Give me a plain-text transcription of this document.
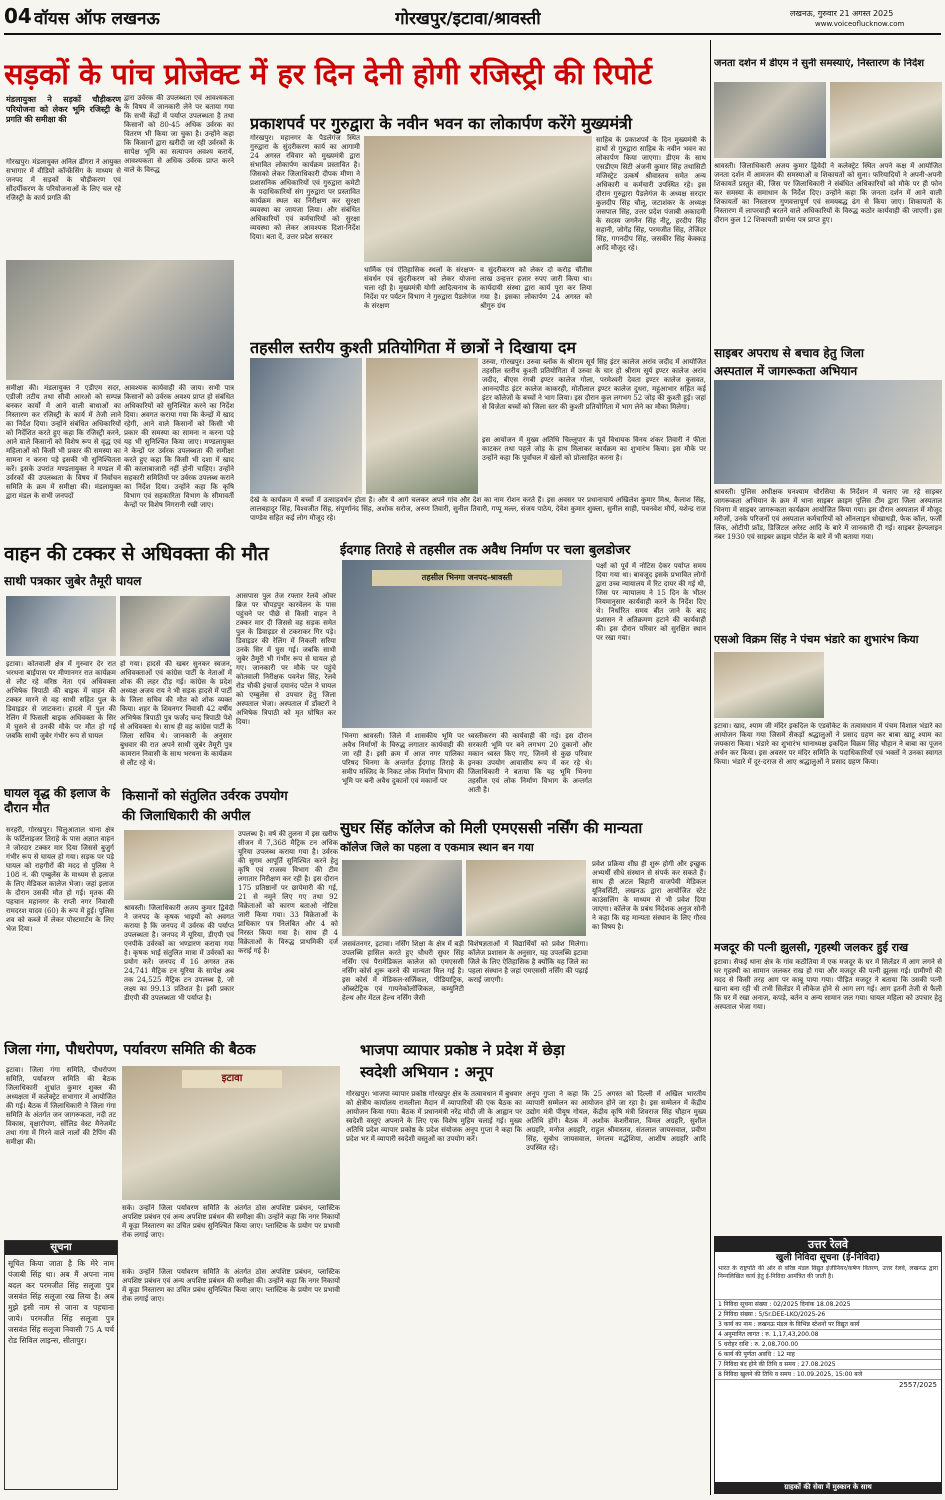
04 वॉयस ऑफ लखनऊ	गोरखपुर/इटावा/श्रावस्ती	लखनऊ, गुरुवार 21 अगस्त 2025
www.voiceoflucknow.com
सड़कों के पांच प्रोजेक्ट में हर दिन देनी होगी रजिस्ट्री की रिपोर्ट
मंडलायुक्त ने सड़कों चौड़ीकरण परियोजना को लेकर भूमि रजिस्ट्री के प्रगति की समीक्षा की
गोरखपुर। मंडलायुक्त अनिल ढींगरा ने आयुक्त सभागार में वीडियो कॉन्फ्रेंसिंग के माध्यम से जनपद में सड़कों के चौड़ीकरण एवं सौंदर्यीकरण के परियोजनाओं के लिए चल रहे रजिस्ट्री के कार्य प्रगति की
द्वारा उर्वरक की उपलब्धता एवं आवश्यकता के विषय में जानकारी लेने पर बताया गया कि सभी केंद्रों में पर्याप्त उपलब्धता है तथा किसानों को 80-45 अधिक उर्वरक का वितरण भी किया जा चुका है। उन्होंने कहा कि किसानों द्वारा खरीदी जा रही उर्वरकों के सापेक्ष भूमि का सत्यापन अवश्य करायें, आवश्यकता से अधिक उर्वरक प्राप्त करने वाले के विरुद्ध
समीक्षा की। मंडलायुक्त ने एडीएम सदर, एडीजी तटीय तथा सीवी आरओ को सम्पन्न बनकर कार्यों में आने वाली बाधाओं का निस्तारण कर रजिस्ट्री के कार्य में तेजी लाने का निर्देश दिया। उन्होंने संबंधित अधिकारियों को निर्देशित करते हुए कहा कि रजिस्ट्री करने, आने वाले किसानों को विशेष रूप से वृद्ध एवं महिलाओं को किसी भी प्रकार की समस्या का सामना न करना पड़े इसकी भी सुनिश्चितता करें। इसके उपरांत मण्डलायुक्त ने मण्डल में उर्वरकों की उपलब्धता के विषय में निर्वाचन समिति के क्रम में समीक्षा की। मंडलायुक्त द्वारा मंडल के सभी जनपदों
आवश्यक कार्यवाही की जाय। सभी पात्र किसानों को उर्वरक अवश्य प्राप्त हो संबंधित अधिकारियों को सुनिश्चित करने का निर्देश दिया। अवगत कराया गया कि केन्द्रों में खाद रहेगी, आने वाले किसानों को किसी भी प्रकार की समस्या का सामना न करना पड़े यह भी सुनिश्चित किया जाए। मण्डलायुक्त ने केन्द्रों पर उर्वरक उपलब्धता की समीक्षा करते हुए कहा कि किसी भी दशा में खाद की कालाबाजारी नहीं होनी चाहिए। उन्होंने सहकारी समितियों पर उर्वरक उपलब्ध कराने का निर्देश दिया। उन्होंने कहा कि कृषि विभाग एवं सहकारिता विभाग के सीमावर्ती केन्द्रों पर विशेष निगरानी रखी जाए।
प्रकाशपर्व पर गुरुद्वारा के नवीन भवन का लोकार्पण करेंगे मुख्यमंत्री
गोरखपुर। महानगर के पैडलेगंज स्थित गुरुद्वारा के सुंदरीकरण कार्य का आगामी 24 अगस्त रविवार को मुख्यमंत्री द्वारा संभावित लोकार्पण कार्यक्रम प्रस्तावित है। जिसको लेकर जिलाधिकारी दीपक मीणा ने प्रशासनिक अधिकारियों एवं गुरुद्वारा कमेटी के पदाधिकारियों संग गुरुद्वारा पर प्रस्तावित कार्यक्रम स्थल का निरीक्षण कर सुरक्षा व्यवस्था का जायजा लिया। और संबंधित अधिकारियों एवं कर्मचारियों को सुरक्षा व्यवस्था को लेकर आवश्यक दिशा-निर्देश दिया। बता दें, उत्तर प्रदेश सरकार
धार्मिक एवं ऐतिहासिक स्थलों के संरक्षण-संवर्धन एवं सुंदरीकरण को लेकर योजना चला रही है। मुख्यमंत्री योगी आदित्यनाथ के निर्देश पर पर्यटन विभाग ने गुरुद्वारा पैडलेगंज के संरक्षण
व सुंदरीकरण को लेकर दो करोड़ चौंतीस लाख उन्हत्तर हजार रुपए जारी किया था। कार्यदायी संस्था द्वारा कार्य पूरा कर लिया गया है। इसका लोकार्पण 24 अगस्त को श्रीगुरु ग्रंथ
साहिब के प्रकाशपर्व के दिन मुख्यमंत्री के हाथों से गुरुद्वारा साहिब के नवीन भवन का लोकार्पण किया जाएगा। डीएम के साथ एसडीएम सिटी अंजनी कुमार सिंह तथासिटी मजिस्ट्रेट उत्कर्ष श्रीवास्तव समेत अन्य अधिकारी व कर्मचारी उपस्थित रहे। इस दौरान गुरुद्वारा पैडलेगंज के अध्यक्ष सरदार कुलदीप सिंह चौलू, जटाशंकर के अध्यक्ष जसपाल सिंह, उत्तर प्रदेश पंजाबी अकादमी के सदस्य जगनैन सिंह नीटू, हरदीप सिंह सहानी, जोगेंद्र सिंह, परमजीत सिंह, तेजिंदर सिंह, गगनदीप सिंह, जसकीर सिंह केक्कड़ आदि मौजूद रहे।
तहसील स्तरीय कुश्ती प्रतियोगिता में छात्रों ने दिखाया दम
उरुवा, गोरखपुर। उरुवा ब्लॉक के श्रीराम सूर्य सिंह इंटर कालेज अरांव जदीद में आयोजित तहसील स्तरीय कुश्ती प्रतियोगिता में उरुवा के चार हो श्रीराम सूर्य इण्टर कालेज अरांव जदीद, बीएस रंगबी इण्टर कालेज गोला, परमेश्वरी देवता इण्टर कालेज कुसवत, आनन्दपीठ इंटर कालेज काकरही, मोतीलाल इण्टर कालेज दुधरा, महुआभार सहित कई इंटर कॉलेजों के बच्चों ने भाग लिया। इस दौरान कुल लगभग 52 जोड़ की कुश्ती हुई। जहां से विजेता बच्चों को जिला स्तर की कुश्ती प्रतियोगिता में भाग लेने का मौका मिलेगा।
इस आयोजन में मुख्य अतिथि चिल्लूपार के पूर्व विधायक विनय शंकर तिवारी ने फीता काटकर तथा पहले जोड़ के हाथ मिलाकर कार्यक्रम का शुभारंभ किया। इस मौके पर उन्होंने कहा कि पूर्वांचल में खेलों को प्रोत्साहित करना है।
देखे के कार्यक्रम में बच्चों में उत्साहवर्धन होता है। और ये आगे चलकर अपने गांव और देश का नाम रोशन करते हैं। इस अवसर पर प्रधानाचार्य अखिलेश कुमार मिश्र, कैलाश सिंह, लालबहादुर सिंह, विश्वजीत सिंह, संपूर्णानंद सिंह, अशोक सरोज, अरुण तिवारी, सुनील तिवारी, गप्पू मल्ल, संजय पाठेय, देवेश कुमार शुक्ला, सुनील साही, पवनवेश मौर्य, यशेन्द्र राज पाण्डेय सहित कई लोग मौजूद रहे।
वाहन की टक्कर से अधिवक्ता की मौत
साथी पत्रकार जुबेर तैमूरी घायल
इटावा। कोतवाली क्षेत्र में गुरुवार देर रात भरथना बाईपास पर मीणानगर रात कार्यक्रम से लौट रहे वरिष्ठ नेता एवं अधिवक्ता अभिषेक त्रिपाठी की बाइक में वाहन की टक्कर मारने से वह साथी सहित पुल के डिवाइडर से जाटकरा। हादसे में पुल की रेलिंग में फिसली बाइक अधिवक्ता के सिर में घुसने से उनकी मौके पर मौत हो गई जबकि साथी जुबेर गंभीर रूप से घायल
हो गया। हादसे की खबर सुनकर स्वजन, अधिवक्ताओं एवं कांग्रेस पार्टी के नेताओं में शोक की लहर दौड़ गई। कांग्रेस के प्रदेश अध्यक्ष अजय राय ने भी सड़क हादसे में पार्टी के जिला सचिव की मौत को शोक व्यक्त किया। शहर के शिवनगर निवासी 42 वर्षीय अभिषेक त्रिपाठी पुत्र फर्जंद चन्द त्रिपाठी पेशे से अधिवक्ता थे। साथ ही वह कांग्रेस पार्टी के जिला सचिव थे। जानकारी के अनुसार बुधवार की रात अपने साथी जुबेर तैमूरी पुत्र कामरान निवासी के साथ भरथना के कार्यक्रम से लौट रहे थे।
आसपास पुल तेज रफ्तार रेलवे ओवर ब्रिज पर चौपड़पुर कारवेलन के पास पहुंचने पर पीछे से किसी वाहन ने टक्कर मार दी जिससे वह सड़क समेत पुल के डिवाइडर से टकराकर गिर पड़े। डिवाइडर की रेलिंग में निकली सरिया उनके सिर में घुस गई। जबकि साथी जुबेर तैमूरी भी गंभीर रूप से घायल हो गए। जानकारी पर मौके पर पहुंचे कोतवाली निरीक्षक पवनेश सिंह, रेलवे रोड चौकी इंचार्ज दयानंद पटेल ने घायल को एम्बुलेंस से उपचार हेतु जिला अस्पताल भेजा। अस्पताल में डॉक्टरों ने अभिषेक त्रिपाठी को मृत घोषित कर दिया।
घायल वृद्ध की इलाज के दौरान मौत
सरहरी, गोरखपुर। चिलुआताल थाना क्षेत्र के फर्टिलाइजर तिराहे के पास अज्ञात वाहन ने जोरदार टक्कर मार दिया जिससे बुजुर्ग गंभीर रूप से घायल हो गया। सड़क पर पड़े घायल को राहगीरों की मदद से पुलिस ने 108 नं. की एम्बुलेंस के माध्यम से इलाज के लिए मेडिकल कालेज भेजा। जहां इलाज के दौरान उसकी मौत हो गई। मृतक की पहचान महानगर के राप्ती नगर निवासी रामदरश यादव (60) के रूप में हुई। पुलिस शव को कब्जे में लेकर पोस्टमार्टम के लिए भेज दिया।
किसानों को संतुलित उर्वरक उपयोग
की जिलाधिकारी की अपील
श्रावस्ती। जिलाधिकारी अजय कुमार द्विवेदी ने जनपद के कृषक भाइयों को अवगत कराया है कि जनपद में उर्वरक की पर्याप्त उपलब्धता है। जनपद में यूरिया, डीएपी एवं एनपीके उर्वरकों का भण्डारण कराया गया है। कृषक भाई संतुलित मात्रा में उर्वरकों का प्रयोग करें। जनपद में 16 अगस्त तक 24,741 मैट्रिक टन यूरिया के सापेक्ष अब तक 24,525 मैट्रिक टन उपलब्ध है, जो लक्ष्य का 99.13 प्रतिशत है। इसी प्रकार डीएपी की उपलब्धता भी पर्याप्त है।
उपलब्ध है। वर्ष की तुलना में इस खरीफ सीजन में 7,368 मैट्रिक टन अधिक यूरिया उपलब्ध कराया गया है। उर्वरक की सुगम आपूर्ति सुनिश्चित करने हेतु कृषि एवं राजस्व विभाग की टीम लगातार निरीक्षण कर रही है। इस दौरान 175 प्रतिष्ठानों पर छापेमारी की गई, 21 से नमूने लिए गए तथा 92 विक्रेताओं को कारण बताओ नोटिस जारी किया गया। 33 विक्रेताओं के प्राधिकार पत्र निलंबित और 4 को निरस्त किया गया है। साथ ही 4 विक्रेताओं के विरुद्ध प्राथमिकी दर्ज कराई गई है।
ईदगाह तिराहे से तहसील तक अवैध निर्माण पर चला बुलडोजर
तहसील भिनगा जनपद-श्रावस्ती
भिनगा श्रावस्ती। जिले में शासकीय भूमि पर अवैध निर्माणों के विरुद्ध लगातार कार्यवाही की जा रही है। इसी क्रम में आज नगर पालिका परिषद भिनगा के अन्तर्गत ईदगाह तिराहे के समीप मस्जिद के निकट लोक निर्माण विभाग की भूमि पर बनी अवैध दुकानों एवं मकानों पर
ध्वस्तीकरण की कार्यवाही की गई। इस दौरान सरकारी भूमि पर बने लगभग 20 दुकानों और मकान ध्वस्त किए गए, जिनमें से कुछ परिवार इनका उपयोग आवासीय रूप में कर रहे थे। जिलाधिकारी ने बताया कि यह भूमि भिनगा तहसील एवं लोक निर्माण विभाग के अन्तर्गत आती है।
पक्षों को पूर्व में नोटिस देकर पर्याप्त समय दिया गया था। बावजूद इसके प्रभावित लोगों द्वारा उच्च न्यायालय में रिट दायर की गई थी, जिस पर न्यायालय ने 15 दिन के भीतर नियमानुसार कार्यवाही करने के निर्देश दिए थे। निर्धारित समय बीत जाने के बाद प्रशासन ने अतिक्रमण हटाने की कार्यवाही की। इस दौरान परिवार को सुरक्षित स्थान पर रखा गया।
सुघर सिंह कॉलेज को मिली एमएससी नर्सिंग की मान्यता
कॉलेज जिले का पहला व एकमात्र स्थान बन गया
जसवंतनगर, इटावा। नर्सिंग शिक्षा के क्षेत्र में बड़ी उपलब्धि हासिल करते हुए चौधरी सुघर सिंह नर्सिंग एवं पैरामेडिकल कालेज को एमएससी नर्सिंग कोर्स शुरू करने की मान्यता मिल गई है। इस कोर्स में मेडिकल-सर्जिकल, पीडियाट्रिक, ऑब्स्टेट्रिक एवं गायनेकोलॉजिकल, कम्युनिटी हेल्थ और मेंटल हेल्थ नर्सिंग जैसी
विशेषज्ञताओं में विद्यार्थियों को प्रवेश मिलेगा। कॉलेज प्रशासन के अनुसार, यह उपलब्धि इटावा जिले के लिए ऐतिहासिक है क्योंकि यह जिले का पहला संस्थान है जहां एमएससी नर्सिंग की पढ़ाई कराई जाएगी।
प्रवेश प्रक्रिया शीघ्र ही शुरू होगी और इच्छुक अभ्यर्थी सीधे संस्थान से संपर्क कर सकते हैं। साथ ही अटल बिहारी वाजपेयी मेडिकल यूनिवर्सिटी, लखनऊ द्वारा आयोजित स्टेट काउंसलिंग के माध्यम से भी प्रवेश दिया जाएगा। कॉलेज के प्रबंध निदेशक अनुज सोनी ने कहा कि यह मान्यता संस्थान के लिए गौरव का विषय है।
जिला गंगा, पौधरोपण, पर्यावरण समिति की बैठक
इटावा। जिला गंगा समिति, पौधरोपण समिति, पर्यावरण समिति की बैठक जिलाधिकारी शुभ्रांत कुमार शुक्ल की अध्यक्षता में कलेक्ट्रेट सभागार में आयोजित की गई। बैठक में जिलाधिकारी ने जिला गंगा समिति के अंतर्गत जन जागरूकता, नदी तट विकास, वृक्षारोपण, सॉलिड वेस्ट मैनेजमेंट तथा गंगा में गिरने वाले नालों की टैपिंग की समीक्षा की।
इटावा
सके। उन्होंने जिला पर्यावरण समिति के अंतर्गत ठोस अपशिष्ट प्रबंधन, प्लास्टिक अपशिष्ट प्रबंधन एवं अन्य अपशिष्ट प्रबंधन की समीक्षा की। उन्होंने कहा कि नगर निकायों में कूड़ा निस्तारण का उचित प्रबंध सुनिश्चित किया जाए। प्लास्टिक के प्रयोग पर प्रभावी रोक लगाई जाए।
सूचना
सूचित किया जाता है कि मेरे नाम पंजाबी सिंह था। अब मैं अपना नाम बदल कर परमजीत सिंह सलूजा पुत्र जसवंत सिंह सलूजा रख लिया है। अब मुझे इसी नाम से जाना व पहचाना जाये। परमजीत सिंह सलूजा पुत्र जसवंत सिंह सलूजा निवासी 75 A चर्च रोड सिविल लाइन्स, सीतापुर।
भाजपा व्यापार प्रकोष्ठ ने प्रदेश में छेड़ा
स्वदेशी अभियान : अनूप
गोरखपुर। भाजपा व्यापार प्रकोष्ठ गोरखपुर क्षेत्र के तत्वावधान में बुधवार को क्षेत्रीय कार्यालय रामलीला मैदान में व्यापारियों की एक बैठक का आयोजन किया गया। बैठक में प्रधानमंत्री नरेंद्र मोदी जी के आह्वान पर स्वदेशी वस्तुएं अपनाने के लिए एक विशेष मुहिम चलाई गई। मुख्य अतिथि प्रदेश व्यापार प्रकोष्ठ के प्रदेश संयोजक अनूप गुप्ता ने कहा कि प्रदेश भर में व्यापारी स्वदेशी वस्तुओं का उपयोग करें।
अनूप गुप्ता ने कहा कि 25 अगस्त को दिल्ली में अखिल भारतीय व्यापारी सम्मेलन का आयोजन होने जा रहा है। इस सम्मेलन में केंद्रीय उद्योग मंत्री पीयूष गोयल, केंद्रीय कृषि मंत्री शिवराज सिंह चौहान मुख्य अतिथि होंगे। बैठक में अशोक केशरीवाल, विमल अग्रहरि, सुशील अग्रहरि, मनोज अग्रहरि, राहुल श्रीवास्तव, संतलाल जायसवाल, प्रवीण सिंह, सुबोध जायसवाल, मंगलम मद्धेशिया, आशीष अग्रहरि आदि उपस्थित रहे।
सके। उन्होंने जिला पर्यावरण समिति के अंतर्गत ठोस अपशिष्ट प्रबंधन, प्लास्टिक अपशिष्ट प्रबंधन एवं अन्य अपशिष्ट प्रबंधन की समीक्षा की। उन्होंने कहा कि नगर निकायों में कूड़ा निस्तारण का उचित प्रबंध सुनिश्चित किया जाए। प्लास्टिक के प्रयोग पर प्रभावी रोक लगाई जाए।
जनता दर्शन में डीएम ने सुनी समस्याएं, निस्तारण के निर्देश
श्रावस्ती। जिलाधिकारी अजय कुमार द्विवेदी ने कलेक्ट्रेट स्थित अपने कक्ष में आयोजित जनता दर्शन में आमजन की समस्याओं व शिकायतों को सुना। फरियादियों ने अपनी-अपनी शिकायतें प्रस्तुत की, जिस पर जिलाधिकारी ने संबंधित अधिकारियों को मौके पर ही फोन कर समस्या के समाधान के निर्देश दिए। उन्होंने कहा कि जनता दर्शन में आने वाली शिकायतों का निस्तारण गुणवत्तापूर्ण एवं समयबद्ध ढंग से किया जाए। शिकायतों के निस्तारण में लापरवाही बरतने वाले अधिकारियों के विरुद्ध कठोर कार्यवाही की जाएगी। इस दौरान कुल 12 शिकायती प्रार्थना पत्र प्राप्त हुए।
साइबर अपराध से बचाव हेतु जिला
अस्पताल में जागरूकता अभियान
श्रावस्ती। पुलिस अधीक्षक घनश्याम चौरसिया के निर्देशन में चलाए जा रहे साइबर जागरूकता अभियान के क्रम में थाना साइबर क्राइम पुलिस टीम द्वारा जिला अस्पताल भिनगा में साइबर जागरूकता कार्यक्रम आयोजित किया गया। इस दौरान अस्पताल में मौजूद मरीजों, उनके परिजनों एवं अस्पताल कर्मचारियों को ऑनलाइन धोखाधड़ी, फेक कॉल, फर्जी लिंक, ओटीपी फ्रॉड, डिजिटल अरेस्ट आदि के बारे में जानकारी दी गई। साइबर हेल्पलाइन नंबर 1930 एवं साइबर क्राइम पोर्टल के बारे में भी बताया गया।
एसओ विक्रम सिंह ने पंचम भंडारे का शुभारंभ किया
इटावा। खाद, श्याम जी मंदिर इकदिल के एडवोकेट के तत्वावधान में पंचम विशाल भंडारे का आयोजन किया गया जिसमें सैकड़ों श्रद्धालुओं ने प्रसाद ग्रहण कर बाबा खाटू श्याम का जयकारा किया। भंडारे का शुभारंभ थानाध्यक्ष इकदिल विक्रम सिंह चौहान ने बाबा का पूजन अर्चन कर किया। इस अवसर पर मंदिर समिति के पदाधिकारियों एवं भक्तों ने उनका स्वागत किया। भंडारे में दूर-दराज से आए श्रद्धालुओं ने प्रसाद ग्रहण किया।
मजदूर की पत्नी झुलसी, गृहस्थी जलकर हुई राख
इटावा। सैफई थाना क्षेत्र के गांव कठौतिया में एक मजदूर के घर में सिलेंडर में आग लगने से घर गृहस्थी का सामान जलकर राख हो गया और मजदूर की पत्नी झुलस गई। ग्रामीणों की मदद से किसी तरह आग पर काबू पाया गया। पीड़ित मजदूर ने बताया कि उसकी पत्नी खाना बना रही थी तभी सिलेंडर में लीकेज होने से आग लग गई। आग इतनी तेजी से फैली कि घर में रखा अनाज, कपड़े, बर्तन व अन्य सामान जल गया। घायल महिला को उपचार हेतु अस्पताल भेजा गया।
उत्तर रेलवे
खुली निविदा सूचना (ई-निविदा)
भारत के राष्ट्रपति की ओर से वरिष्ठ मंडल विद्युत इंजीनियर/कर्षण वितरण, उत्तर रेलवे, लखनऊ द्वारा निम्नलिखित कार्य हेतु ई-निविदा आमंत्रित की जाती है।
1 निविदा सूचना संख्या : 02/2025 दिनांक 18.08.2025
2 निविदा संख्या : 5/Sr.DEE-LKO/2025-26
3 कार्य का नाम : लखनऊ मंडल के विभिन्न स्टेशनों पर विद्युत कार्य
4 अनुमानित लागत : रु. 1,17,43,200.08
5 धरोहर राशि : रु. 2,08,700.00
6 कार्य की पूर्णता अवधि : 12 माह
7 निविदा बंद होने की तिथि व समय : 27.08.2025
8 निविदा खुलने की तिथि व समय : 10.09.2025, 15:00 बजे
2557/2025
ग्राहकों की सेवा में मुस्कान के साथ
